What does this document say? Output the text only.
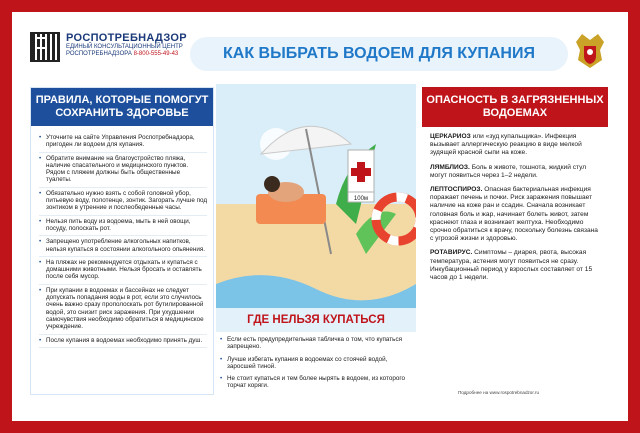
РОСПОТРЕБНАДЗОР
ЕДИНЫЙ КОНСУЛЬТАЦИОННЫЙ ЦЕНТР
РОСПОТРЕБНАДЗОРА 8-800-555-49-43	КАК ВЫБРАТЬ ВОДОЕМ ДЛЯ КУПАНИЯ
ПРАВИЛА, КОТОРЫЕ ПОМОГУТ СОХРАНИТЬ ЗДОРОВЬЕ
• Уточните на сайте Управления Роспотребнадзора, пригоден ли водоем для купания.
• Обратите внимание на благоустройство пляжа, наличие спасательного и медицинского пунктов. Рядом с пляжем должны быть общественные туалеты.
• Обязательно нужно взять с собой головной убор, питьевую воду, полотенце, зонтик. Загорать лучше под зонтиком в утренние и послеобеденные часы.
• Нельзя пить воду из водоема, мыть в ней овощи, посуду, полоскать рот.
• Запрещено употребление алкогольных напитков, нельзя купаться в состоянии алкогольного опьянения.
• На пляжах не рекомендуется отдыхать и купаться с домашними животными. Нельзя бросать и оставлять после себя мусор.
• При купании в водоемах и бассейнах не следует допускать попадания воды в рот, если это случилось очень важно сразу прополоскать рот бутилированной водой, это снизит риск заражения. При ухудшении самочувствия необходимо обратиться в медицинское учреждение.
• После купания в водоемах необходимо принять душ.
100м
ГДЕ НЕЛЬЗЯ КУПАТЬСЯ
• Если есть предупредительная табличка о том, что купаться запрещено.
• Лучше избегать купания в водоемах со стоячей водой, заросшей тиной.
• Не стоит купаться и тем более нырять в водоем, из которого торчат коряги.
ОПАСНОСТЬ В ЗАГРЯЗНЕННЫХ ВОДОЕМАХ

ЦЕРКАРИОЗ или «зуд купальщика». Инфекция вызывает аллергическую реакцию в виде мелкой зудящей красной сыпи на коже.

ЛЯМБЛИОЗ. Боль в животе, тошнота, жидкий стул могут появиться через 1–2 недели.

ЛЕПТОСПИРОЗ. Опасная бактериальная инфекция поражает печень и почки. Риск заражения повышает наличие на коже ран и ссадин. Сначала возникает головная боль и жар, начинает болеть живот, затем краснеют глаза и возникает желтуха. Необходимо срочно обратиться к врачу, поскольку болезнь связана с угрозой жизни и здоровью.

РОТАВИРУС. Симптомы – диарея, рвота, высокая температура, астения могут появиться не сразу. Инкубационный период у взрослых составляет от 15 часов до 1 недели.

Подробнее на www.rospotrebnadzor.ru
